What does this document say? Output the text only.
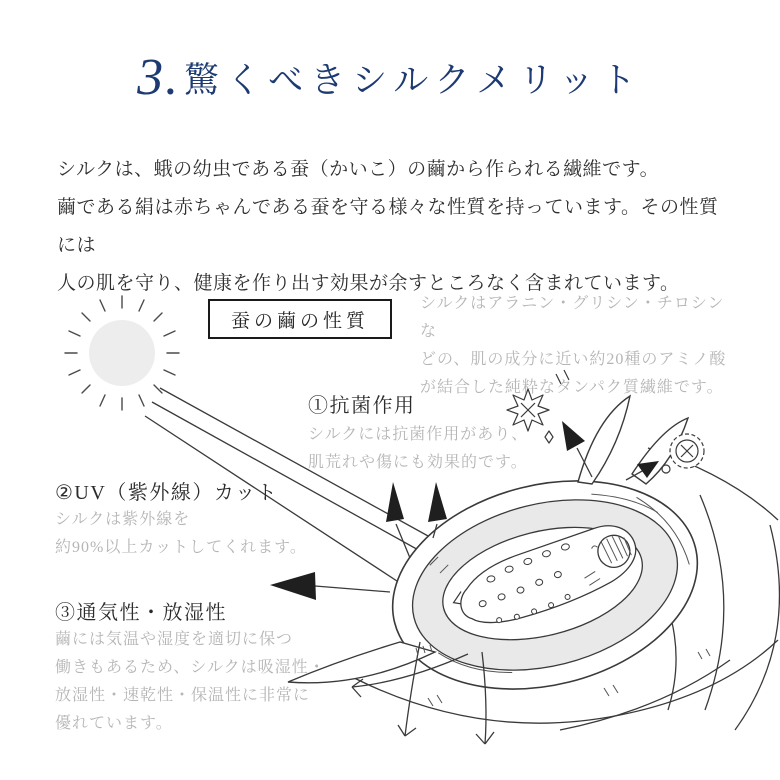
3. 驚くべきシルクメリット
シルクは、蛾の幼虫である蚕（かいこ）の繭から作られる繊維です。
繭である絹は赤ちゃんである蚕を守る様々な性質を持っています。その性質には
人の肌を守り、健康を作り出す効果が余すところなく含まれています。
蚕の繭の性質
シルクはアラニン・グリシン・チロシンな
どの、肌の成分に近い約20種のアミノ酸
が結合した純粋なタンパク質繊維です。
①抗菌作用
シルクには抗菌作用があり、
肌荒れや傷にも効果的です。
②UV（紫外線）カット
シルクは紫外線を
約90%以上カットしてくれます。
③通気性・放湿性
繭には気温や湿度を適切に保つ
働きもあるため、シルクは吸湿性・
放湿性・速乾性・保温性に非常に
優れています。
